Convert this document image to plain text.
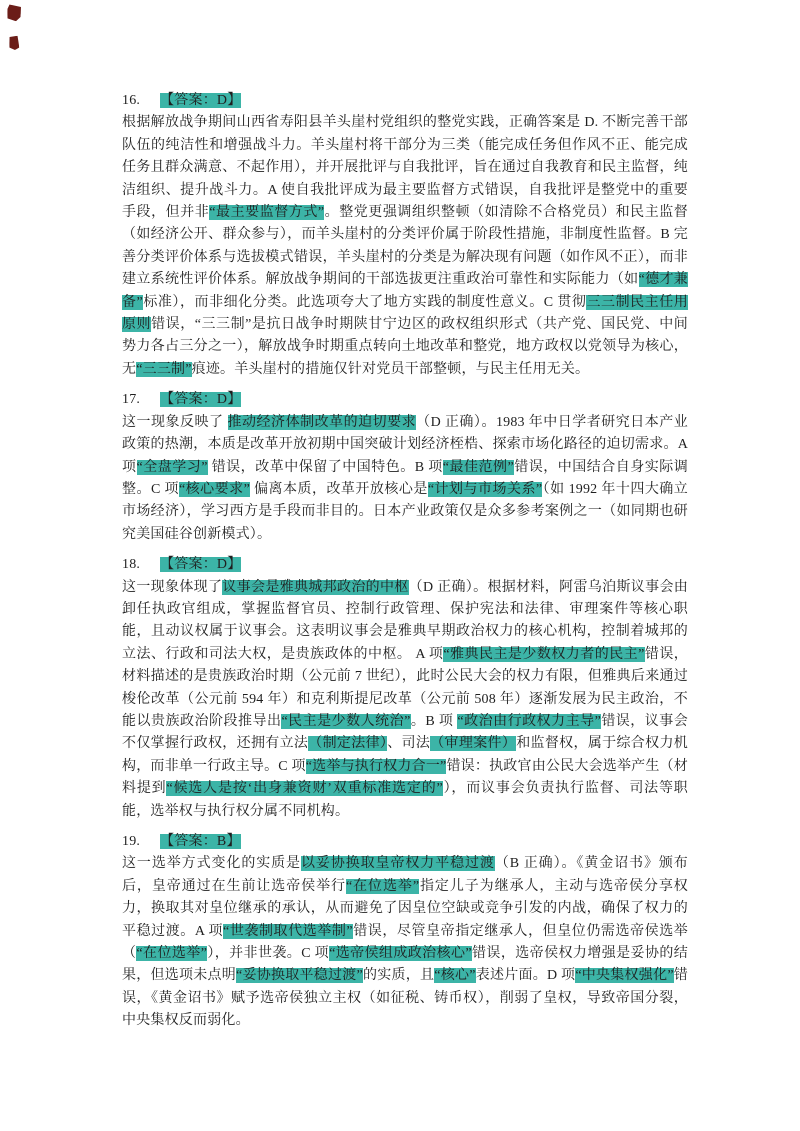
16. 【答案：D】

根据解放战争期间山西省寿阳县羊头崖村党组织的整党实践，正确答案是 D. 不断完善干部队伍的纯洁性和增强战斗力。羊头崖村将干部分为三类（能完成任务但作风不正、能完成任务且群众满意、不起作用），并开展批评与自我批评，旨在通过自我教育和民主监督，纯洁组织、提升战斗力。A 使自我批评成为最主要监督方式错误，自我批评是整党中的重要手段，但并非“最主要监督方式”。整党更强调组织整顿（如清除不合格党员）和民主监督（如经济公开、群众参与），而羊头崖村的分类评价属于阶段性措施，非制度性监督。B 完善分类评价体系与选拔模式错误，羊头崖村的分类是为解决现有问题（如作风不正），而非建立系统性评价体系。解放战争期间的干部选拔更注重政治可靠性和实际能力（如“德才兼备”标准），而非细化分类。此选项夸大了地方实践的制度性意义。C 贯彻三三制民主任用原则错误，“三三制”是抗日战争时期陕甘宁边区的政权组织形式（共产党、国民党、中间势力各占三分之一），解放战争时期重点转向土地改革和整党，地方政权以党领导为核心，无“三三制”痕迹。羊头崖村的措施仅针对党员干部整顿，与民主任用无关。

17. 【答案：D】

这一现象反映了 推动经济体制改革的迫切要求（D 正确）。1983 年中日学者研究日本产业政策的热潮，本质是改革开放初期中国突破计划经济桎梏、探索市场化路径的迫切需求。A 项“全盘学习” 错误，改革中保留了中国特色。B 项“最佳范例”错误，中国结合自身实际调整。C 项“核心要求” 偏离本质，改革开放核心是“计划与市场关系”（如 1992 年十四大确立市场经济），学习西方是手段而非目的。日本产业政策仅是众多参考案例之一（如同期也研究美国硅谷创新模式）。

18. 【答案：D】

这一现象体现了议事会是雅典城邦政治的中枢（D 正确）。根据材料，阿雷乌泊斯议事会由卸任执政官组成，掌握监督官员、控制行政管理、保护宪法和法律、审理案件等核心职能，且动议权属于议事会。这表明议事会是雅典早期政治权力的核心机构，控制着城邦的立法、行政和司法大权，是贵族政体的中枢。 A 项“雅典民主是少数权力者的民主”错误，材料描述的是贵族政治时期（公元前 7 世纪），此时公民大会的权力有限，但雅典后来通过梭伦改革（公元前 594 年）和克利斯提尼改革（公元前 508 年）逐渐发展为民主政治，不能以贵族政治阶段推导出“民主是少数人统治”。B 项 “政治由行政权力主导”错误，议事会不仅掌握行政权，还拥有立法（制定法律）、司法（审理案件）和监督权，属于综合权力机构，而非单一行政主导。C 项“选举与执行权力合一”错误：执政官由公民大会选举产生（材料提到“候选人是按‘出身兼资财’双重标准选定的”），而议事会负责执行监督、司法等职能，选举权与执行权分属不同机构。

19. 【答案：B】

这一选举方式变化的实质是以妥协换取皇帝权力平稳过渡（B 正确）。《黄金诏书》颁布后，皇帝通过在生前让选帝侯举行“在位选举”指定儿子为继承人，主动与选帝侯分享权力，换取其对皇位继承的承认，从而避免了因皇位空缺或竞争引发的内战，确保了权力的平稳过渡。A 项“世袭制取代选举制”错误，尽管皇帝指定继承人，但皇位仍需选帝侯选举（“在位选举”），并非世袭。C 项“选帝侯组成政治核心”错误，选帝侯权力增强是妥协的结果，但选项未点明“妥协换取平稳过渡”的实质，且“核心”表述片面。D 项“中央集权强化”错误，《黄金诏书》赋予选帝侯独立主权（如征税、铸币权），削弱了皇权，导致帝国分裂，中央集权反而弱化。
